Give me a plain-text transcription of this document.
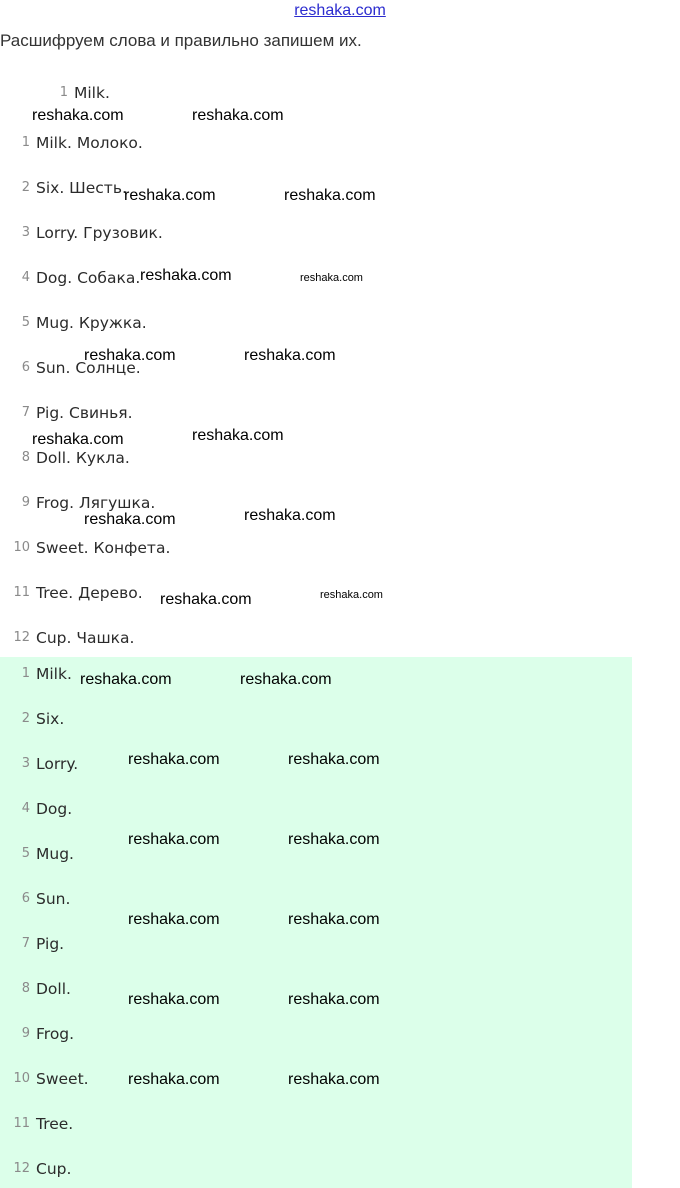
reshaka.com
Расшифруем слова и правильно запишем их.
1 Milk.
1 Milk. Молоко.
2 Six. Шесть.
3 Lorry. Грузовик.
4 Dog. Собака.
5 Mug. Кружка.
6 Sun. Солнце.
7 Pig. Свинья.
8 Doll. Кукла.
9 Frog. Лягушка.
10 Sweet. Конфета.
11 Tree. Дерево.
12 Cup. Чашка.
1 Milk.
2 Six.
3 Lorry.
4 Dog.
5 Mug.
6 Sun.
7 Pig.
8 Doll.
9 Frog.
10 Sweet.
11 Tree.
12 Cup.
reshaka.com	reshaka.com
reshaka.com	reshaka.com
reshaka.com	reshaka.com
reshaka.com	reshaka.com
reshaka.com	reshaka.com
reshaka.com	reshaka.com
reshaka.com	reshaka.com
reshaka.com	reshaka.com
reshaka.com	reshaka.com
reshaka.com	reshaka.com
reshaka.com	reshaka.com
reshaka.com	reshaka.com
reshaka.com	reshaka.com
